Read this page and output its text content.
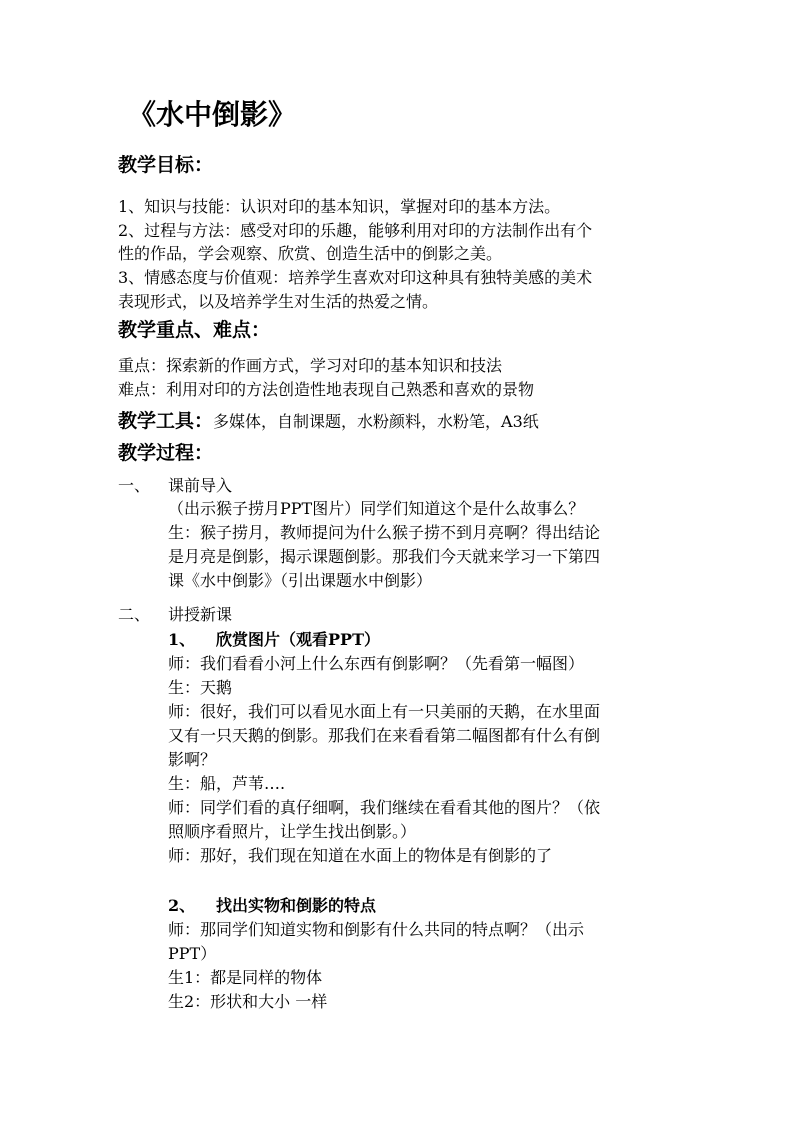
《水中倒影》
教学目标：
1、知识与技能：认识对印的基本知识，掌握对印的基本方法。
2、过程与方法：感受对印的乐趣，能够利用对印的方法制作出有个
性的作品，学会观察、欣赏、创造生活中的倒影之美。
3、情感态度与价值观：培养学生喜欢对印这种具有独特美感的美术
表现形式，以及培养学生对生活的热爱之情。
教学重点、难点：
重点：探索新的作画方式，学习对印的基本知识和技法
难点：利用对印的方法创造性地表现自己熟悉和喜欢的景物
教学工具：多媒体，自制课题，水粉颜料，水粉笔，A3纸
教学过程：
一、 课前导入
（出示猴子捞月PPT图片）同学们知道这个是什么故事么？
生：猴子捞月，教师提问为什么猴子捞不到月亮啊？得出结论
是月亮是倒影，揭示课题倒影。那我们今天就来学习一下第四
课《水中倒影》（引出课题水中倒影）
二、 讲授新课
1、 欣赏图片（观看PPT）
师：我们看看小河上什么东西有倒影啊？（先看第一幅图）
生：天鹅
师：很好，我们可以看见水面上有一只美丽的天鹅，在水里面
又有一只天鹅的倒影。那我们在来看看第二幅图都有什么有倒
影啊？
生：船，芦苇….
师：同学们看的真仔细啊，我们继续在看看其他的图片？（依
照顺序看照片，让学生找出倒影。）
师：那好，我们现在知道在水面上的物体是有倒影的了
2、 找出实物和倒影的特点
师：那同学们知道实物和倒影有什么共同的特点啊？（出示
PPT）
生1：都是同样的物体
生2：形状和大小 一样
